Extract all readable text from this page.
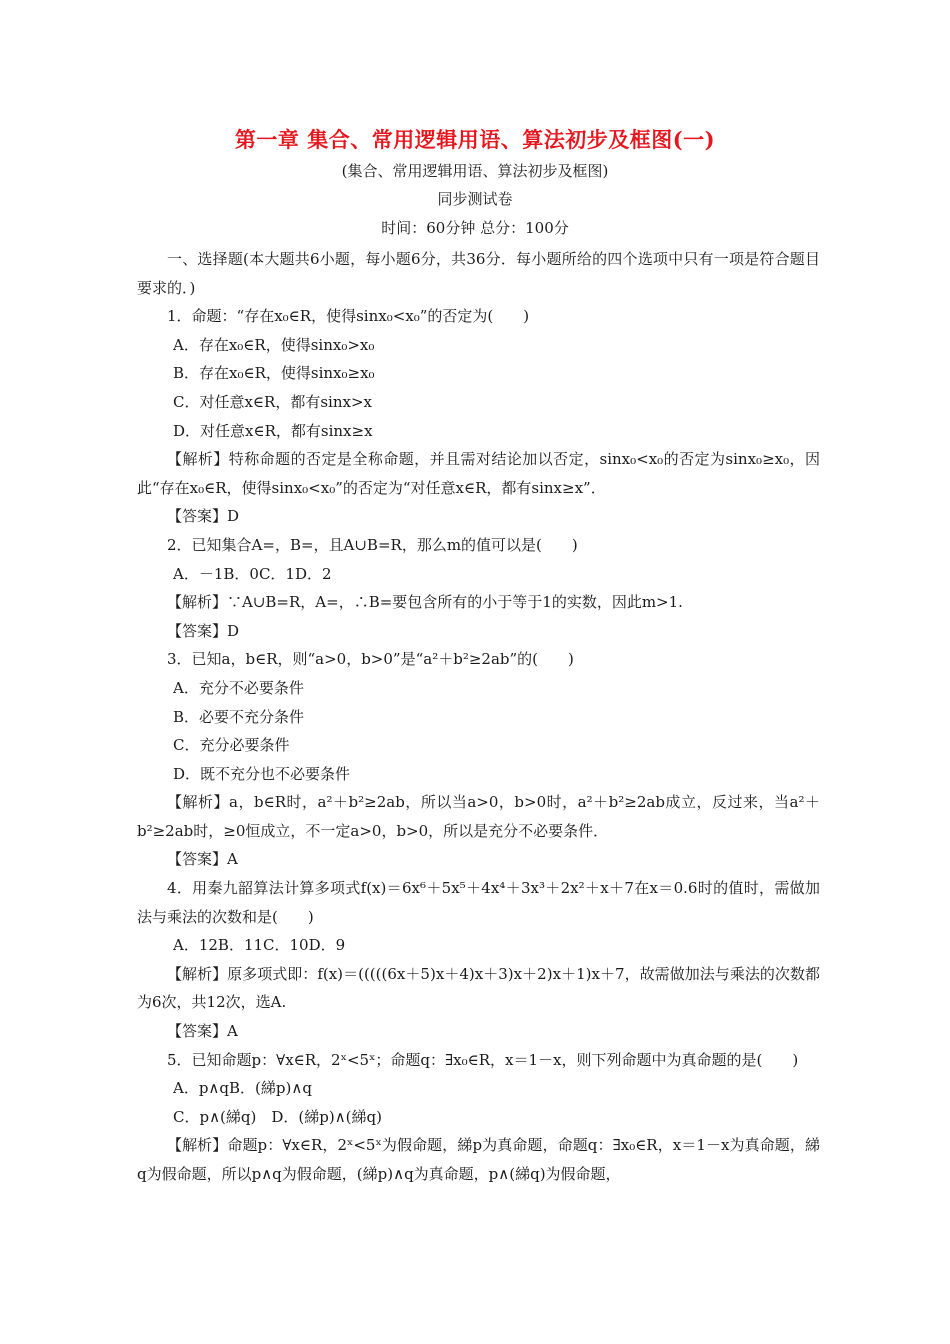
第一章 集合、常用逻辑用语、算法初步及框图(一)
(集合、常用逻辑用语、算法初步及框图)
同步测试卷
时间：60分钟 总分：100分

一、选择题(本大题共6小题，每小题6分，共36分．每小题所给的四个选项中只有一项是符合题目要求的．)

1．命题：“存在x₀∈R，使得sinx₀<x₀”的否定为(　　)

A．存在x₀∈R，使得sinx₀>x₀

B．存在x₀∈R，使得sinx₀≥x₀

C．对任意x∈R，都有sinx>x

D．对任意x∈R，都有sinx≥x

【解析】特称命题的否定是全称命题，并且需对结论加以否定，sinx₀<x₀的否定为sinx₀≥x₀，因此“存在x₀∈R，使得sinx₀<x₀”的否定为“对任意x∈R，都有sinx≥x”．

【答案】D

2．已知集合A=，B=，且A∪B=R，那么m的值可以是(　　)

A．－1B．0C．1D．2

【解析】∵A∪B=R，A=，∴B=要包含所有的小于等于1的实数，因此m>1.

【答案】D

3．已知a，b∈R，则“a>0，b>0”是“a²＋b²≥2ab”的(　　)

A．充分不必要条件

B．必要不充分条件

C．充分必要条件

D．既不充分也不必要条件

【解析】a，b∈R时，a²＋b²≥2ab，所以当a>0，b>0时，a²＋b²≥2ab成立，反过来，当a²＋b²≥2ab时，≥0恒成立，不一定a>0，b>0，所以是充分不必要条件．

【答案】A

4．用秦九韶算法计算多项式f(x)＝6x⁶＋5x⁵＋4x⁴＋3x³＋2x²＋x＋7在x＝0.6时的值时，需做加法与乘法的次数和是(　　)

A．12B．11C．10D．9

【解析】原多项式即：f(x)＝(((((6x＋5)x＋4)x＋3)x＋2)x＋1)x＋7，故需做加法与乘法的次数都为6次，共12次，选A.

【答案】A

5．已知命题p：∀x∈R，2ˣ<5ˣ；命题q：∃x₀∈R，x＝1－x，则下列命题中为真命题的是(　　)

A．p∧qB．(綈p)∧q

C．p∧(綈q)　D．(綈p)∧(綈q)

【解析】命题p：∀x∈R，2ˣ<5ˣ为假命题，綈p为真命题，命题q：∃x₀∈R，x＝1－x为真命题，綈q为假命题，所以p∧q为假命题，(綈p)∧q为真命题，p∧(綈q)为假命题，
